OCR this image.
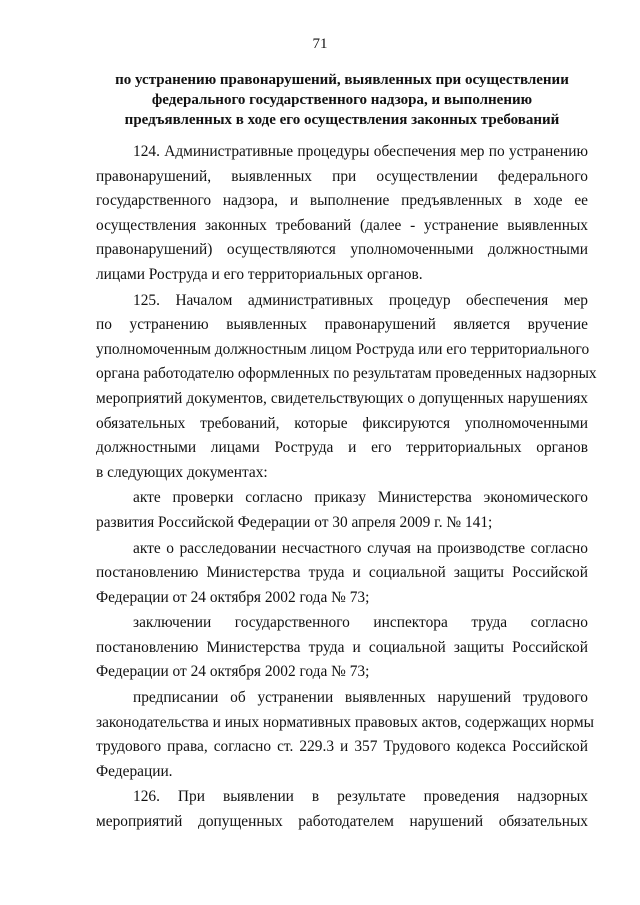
71
по устранению правонарушений, выявленных при осуществлении
федерального государственного надзора, и выполнению
предъявленных в ходе его осуществления законных требований
124. Административные процедуры обеспечения мер по устранению
правонарушений, выявленных при осуществлении федерального
государственного надзора, и выполнение предъявленных в ходе ее
осуществления законных требований (далее - устранение выявленных
правонарушений) осуществляются уполномоченными должностными
лицами Роструда и его территориальных органов.
125. Началом административных процедур обеспечения мер
по устранению выявленных правонарушений является вручение
уполномоченным должностным лицом Роструда или его территориального
органа работодателю оформленных по результатам проведенных надзорных
мероприятий документов, свидетельствующих о допущенных нарушениях
обязательных требований, которые фиксируются уполномоченными
должностными лицами Роструда и его территориальных органов
в следующих документах:
акте проверки согласно приказу Министерства экономического
развития Российской Федерации от 30 апреля 2009 г. № 141;
акте о расследовании несчастного случая на производстве согласно
постановлению Министерства труда и социальной защиты Российской
Федерации от 24 октября 2002 года № 73;
заключении государственного инспектора труда согласно
постановлению Министерства труда и социальной защиты Российской
Федерации от 24 октября 2002 года № 73;
предписании об устранении выявленных нарушений трудового
законодательства и иных нормативных правовых актов, содержащих нормы
трудового права, согласно ст. 229.3 и 357 Трудового кодекса Российской
Федерации.
126. При выявлении в результате проведения надзорных
мероприятий допущенных работодателем нарушений обязательных
